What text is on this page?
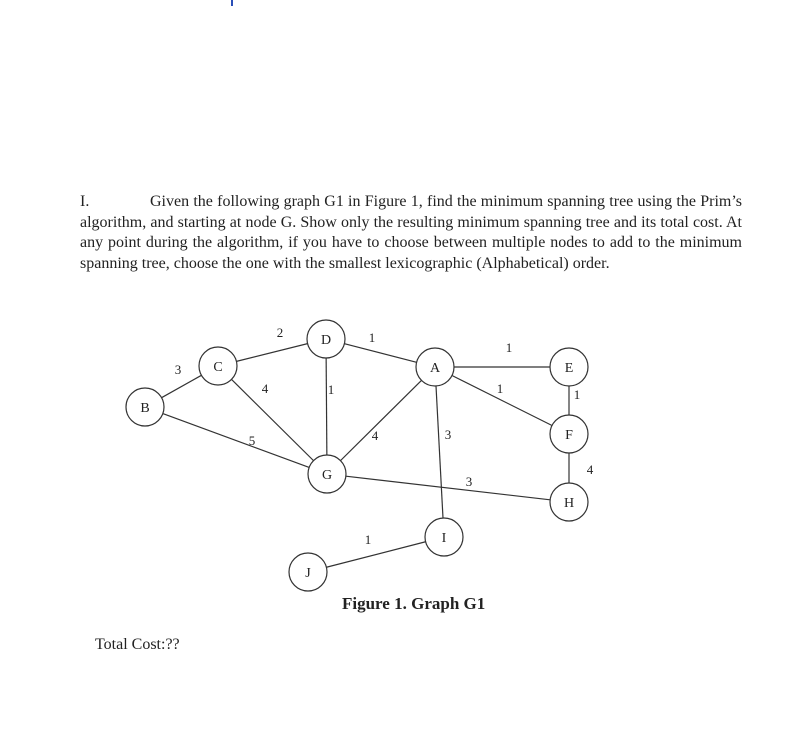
I.	Given the following graph G1 in Figure 1, find the minimum spanning tree using the Prim’s algorithm, and starting at node G. Show only the resulting minimum spanning tree and its total cost. At any point during the algorithm, if you have to choose between multiple nodes to add to the minimum spanning tree, choose the one with the smallest lexicographic (Alphabetical) order.

3
2	1
4	1
5	4
1
1
3
1
4
3
1
A
B
C
D
E
F
G
H
I
J
Figure 1. Graph G1
Total Cost:??
